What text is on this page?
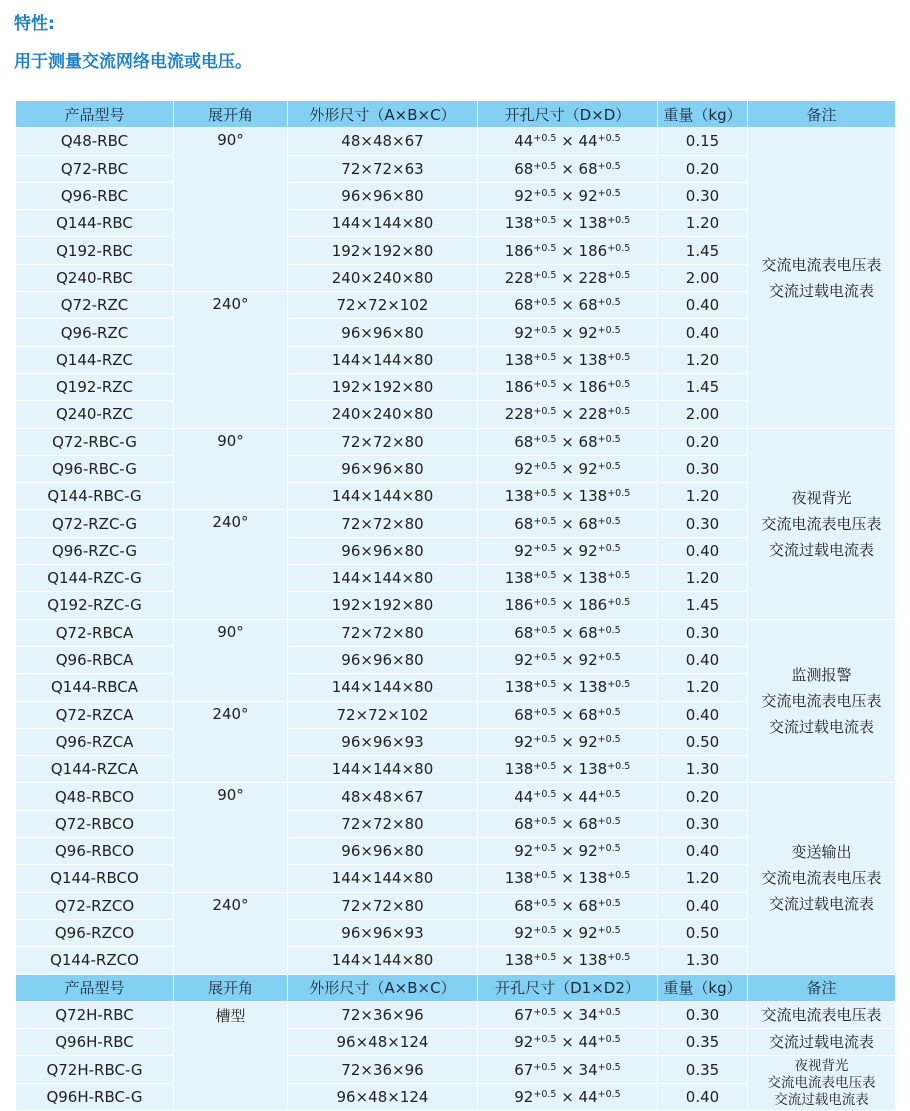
特性:
用于测量交流网络电流或电压。
产品型号	展开角	外形尺寸（A×B×C）	开孔尺寸（D×D）	重量（kg）	备注
Q48-RBC	90°	48×48×67	$44^{+0.5} \times 44^{+0.5}$	0.15	交流电流表电压表
交流过载电流表

Q72-RBC		72×72×63	$68^{+0.5} \times 68^{+0.5}$	0.20	
Q96-RBC		96×96×80	$92^{+0.5} \times 92^{+0.5}$	0.30	
Q144-RBC		144×144×80	$138^{+0.5} \times 138^{+0.5}$	1.20	
Q192-RBC		192×192×80	$186^{+0.5} \times 186^{+0.5}$	1.45	
Q240-RBC		240×240×80	$228^{+0.5} \times 228^{+0.5}$	2.00	
Q72-RZC	240°	72×72×102	$68^{+0.5} \times 68^{+0.5}$	0.40	
Q96-RZC		96×96×80	$92^{+0.5} \times 92^{+0.5}$	0.40	
Q144-RZC		144×144×80	$138^{+0.5} \times 138^{+0.5}$	1.20	
Q192-RZC		192×192×80	$186^{+0.5} \times 186^{+0.5}$	1.45	
Q240-RZC		240×240×80	$228^{+0.5} \times 228^{+0.5}$	2.00	
Q72-RBC-G	90°	72×72×80	$68^{+0.5} \times 68^{+0.5}$	0.20	夜视背光
交流电流表电压表
交流过载电流表

Q96-RBC-G		96×96×80	$92^{+0.5} \times 92^{+0.5}$	0.30	
Q144-RBC-G		144×144×80	$138^{+0.5} \times 138^{+0.5}$	1.20	
Q72-RZC-G	240°	72×72×80	$68^{+0.5} \times 68^{+0.5}$	0.30	
Q96-RZC-G		96×96×80	$92^{+0.5} \times 92^{+0.5}$	0.40	
Q144-RZC-G		144×144×80	$138^{+0.5} \times 138^{+0.5}$	1.20	
Q192-RZC-G		192×192×80	$186^{+0.5} \times 186^{+0.5}$	1.45	
Q72-RBCA	90°	72×72×80	$68^{+0.5} \times 68^{+0.5}$	0.30	监测报警
交流电流表电压表
交流过载电流表

Q96-RBCA		96×96×80	$92^{+0.5} \times 92^{+0.5}$	0.40	
Q144-RBCA		144×144×80	$138^{+0.5} \times 138^{+0.5}$	1.20	
Q72-RZCA	240°	72×72×102	$68^{+0.5} \times 68^{+0.5}$	0.40	
Q96-RZCA		96×96×93	$92^{+0.5} \times 92^{+0.5}$	0.50	
Q144-RZCA		144×144×80	$138^{+0.5} \times 138^{+0.5}$	1.30	
Q48-RBCO	90°	48×48×67	$44^{+0.5} \times 44^{+0.5}$	0.20	变送输出
交流电流表电压表
交流过载电流表

Q72-RBCO		72×72×80	$68^{+0.5} \times 68^{+0.5}$	0.30	
Q96-RBCO		96×96×80	$92^{+0.5} \times 92^{+0.5}$	0.40	
Q144-RBCO		144×144×80	$138^{+0.5} \times 138^{+0.5}$	1.20	
Q72-RZCO	240°	72×72×80	$68^{+0.5} \times 68^{+0.5}$	0.40	
Q96-RZCO		96×96×93	$92^{+0.5} \times 92^{+0.5}$	0.50	
Q144-RZCO		144×144×80	$138^{+0.5} \times 138^{+0.5}$	1.30	
产品型号	展开角	外形尺寸（A×B×C）	开孔尺寸（D1×D2）	重量（kg）	备注
Q72H-RBC	槽型	72×36×96	$67^{+0.5} \times 34^{+0.5}$	0.30	交流电流表电压表

Q96H-RBC		96×48×124	$92^{+0.5} \times 44^{+0.5}$	0.35	交流过载电流表

Q72H-RBC-G		72×36×96	$67^{+0.5} \times 34^{+0.5}$	0.35	夜视背光
交流电流表电压表
交流过载电流表

Q96H-RBC-G		96×48×124	$92^{+0.5} \times 44^{+0.5}$	0.40	
